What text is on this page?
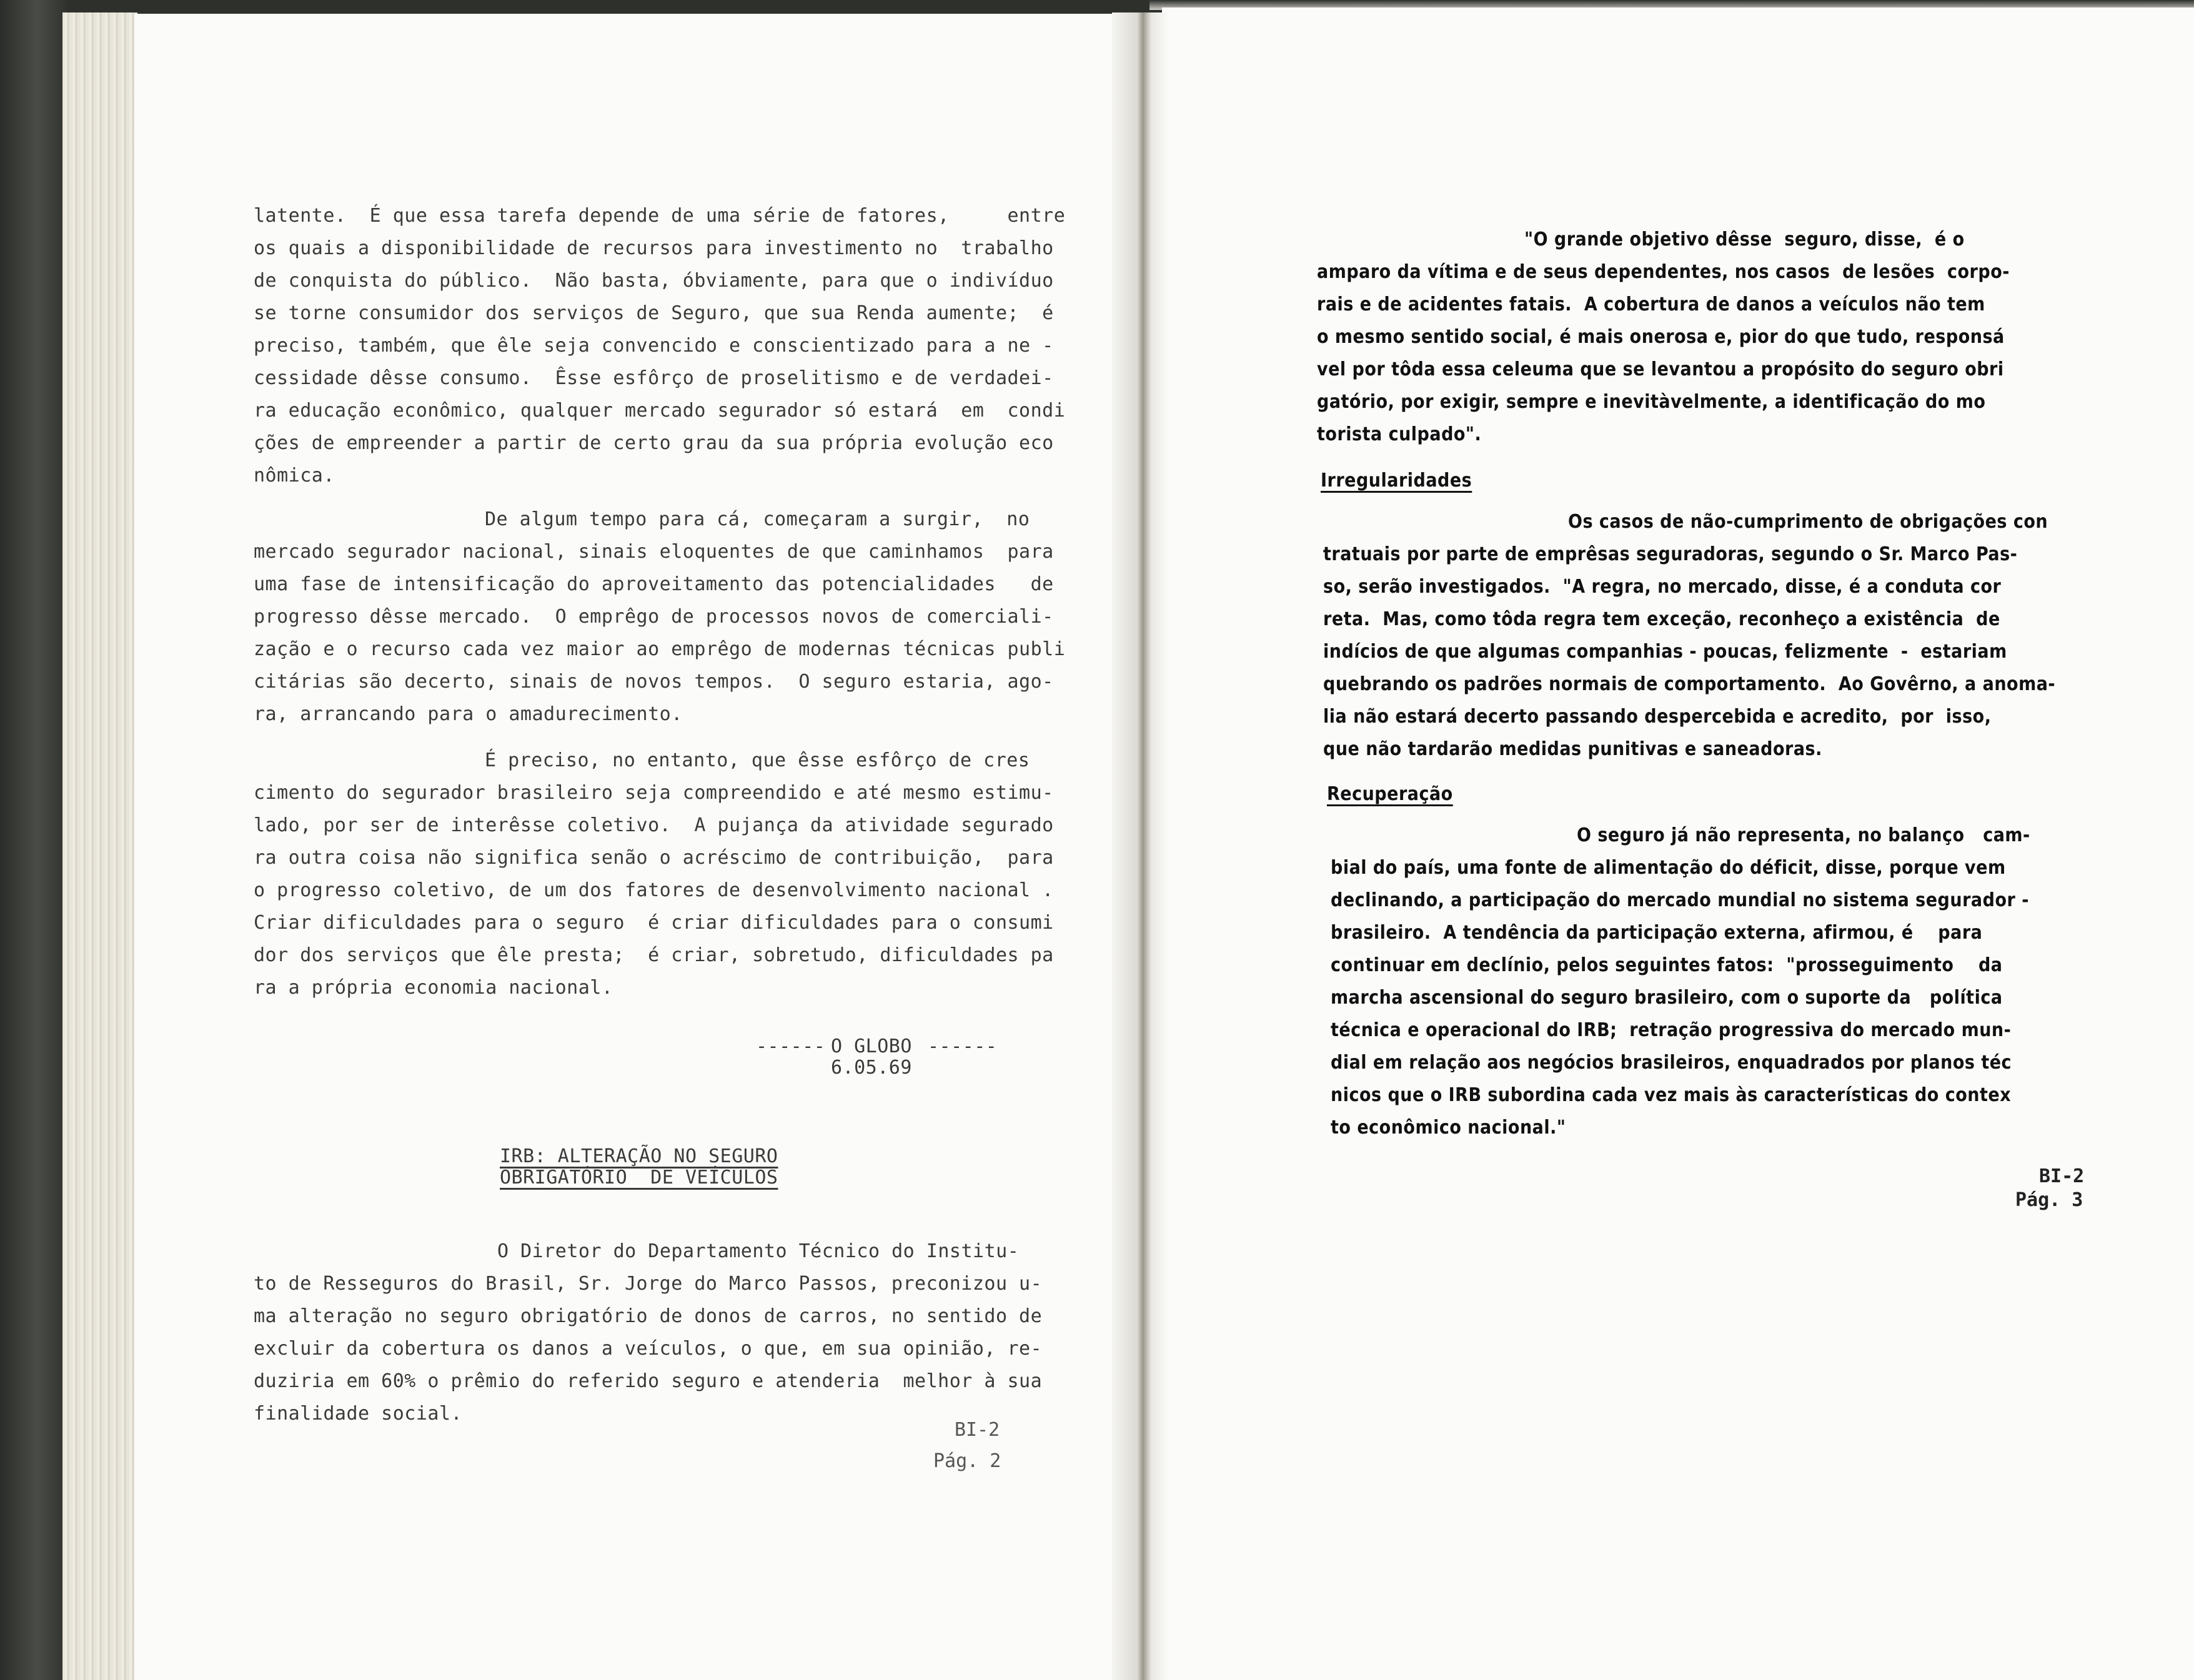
latente.  É que essa tarefa depende de uma série de fatores,     entre
os quais a disponibilidade de recursos para investimento no  trabalho
de conquista do público.  Não basta, óbviamente, para que o indivíduo
se torne consumidor dos serviços de Seguro, que sua Renda aumente;  é
preciso, também, que êle seja convencido e conscientizado para a ne -
cessidade dêsse consumo.  Êsse esfôrço de proselitismo e de verdadei-
ra educação econômico, qualquer mercado segurador só estará  em  condi
ções de empreender a partir de certo grau da sua própria evolução eco
nômica.
De algum tempo para cá, começaram a surgir,  no
mercado segurador nacional, sinais eloquentes de que caminhamos  para
uma fase de intensificação do aproveitamento das potencialidades   de
progresso dêsse mercado.  O emprêgo de processos novos de comerciali-
zação e o recurso cada vez maior ao emprêgo de modernas técnicas publi
citárias são decerto, sinais de novos tempos.  O seguro estaria, ago-
ra, arrancando para o amadurecimento.
É preciso, no entanto, que êsse esfôrço de cres
cimento do segurador brasileiro seja compreendido e até mesmo estimu-
lado, por ser de interêsse coletivo.  A pujança da atividade segurado
ra outra coisa não significa senão o acréscimo de contribuição,  para
o progresso coletivo, de um dos fatores de desenvolvimento nacional .
Criar dificuldades para o seguro  é criar dificuldades para o consumi
dor dos serviços que êle presta;  é criar, sobretudo, dificuldades pa
ra a própria economia nacional.
------ O GLOBO ------
6.05.69
IRB: ALTERAÇÃO NO SEGURO
OBRIGATÓRIO  DE VEÍCULOS
O Diretor do Departamento Técnico do Institu-
to de Resseguros do Brasil, Sr. Jorge do Marco Passos, preconizou u-
ma alteração no seguro obrigatório de donos de carros, no sentido de
excluir da cobertura os danos a veículos, o que, em sua opinião, re-
duziria em 60% o prêmio do referido seguro e atenderia  melhor à sua
finalidade social.
BI-2
Pág. 2
"O grande objetivo dêsse  seguro, disse,  é o
amparo da vítima e de seus dependentes, nos casos  de lesões  corpo-
rais e de acidentes fatais.  A cobertura de danos a veículos não tem
o mesmo sentido social, é mais onerosa e, pior do que tudo, responsá
vel por tôda essa celeuma que se levantou a propósito do seguro obri
gatório, por exigir, sempre e inevitàvelmente, a identificação do mo
torista culpado".
Irregularidades
Os casos de não-cumprimento de obrigações con
tratuais por parte de emprêsas seguradoras, segundo o Sr. Marco Pas-
so, serão investigados.  "A regra, no mercado, disse, é a conduta cor
reta.  Mas, como tôda regra tem exceção, reconheço a existência  de
indícios de que algumas companhias - poucas, felizmente  -  estariam
quebrando os padrões normais de comportamento.  Ao Govêrno, a anoma-
lia não estará decerto passando despercebida e acredito,  por  isso,
que não tardarão medidas punitivas e saneadoras.
Recuperação
O seguro já não representa, no balanço   cam-
bial do país, uma fonte de alimentação do déficit, disse, porque vem
declinando, a participação do mercado mundial no sistema segurador -
brasileiro.  A tendência da participação externa, afirmou, é    para
continuar em declínio, pelos seguintes fatos:  "prosseguimento    da
marcha ascensional do seguro brasileiro, com o suporte da   política
técnica e operacional do IRB;  retração progressiva do mercado mun-
dial em relação aos negócios brasileiros, enquadrados por planos téc
nicos que o IRB subordina cada vez mais às características do contex
to econômico nacional."
BI-2
Pág. 3
